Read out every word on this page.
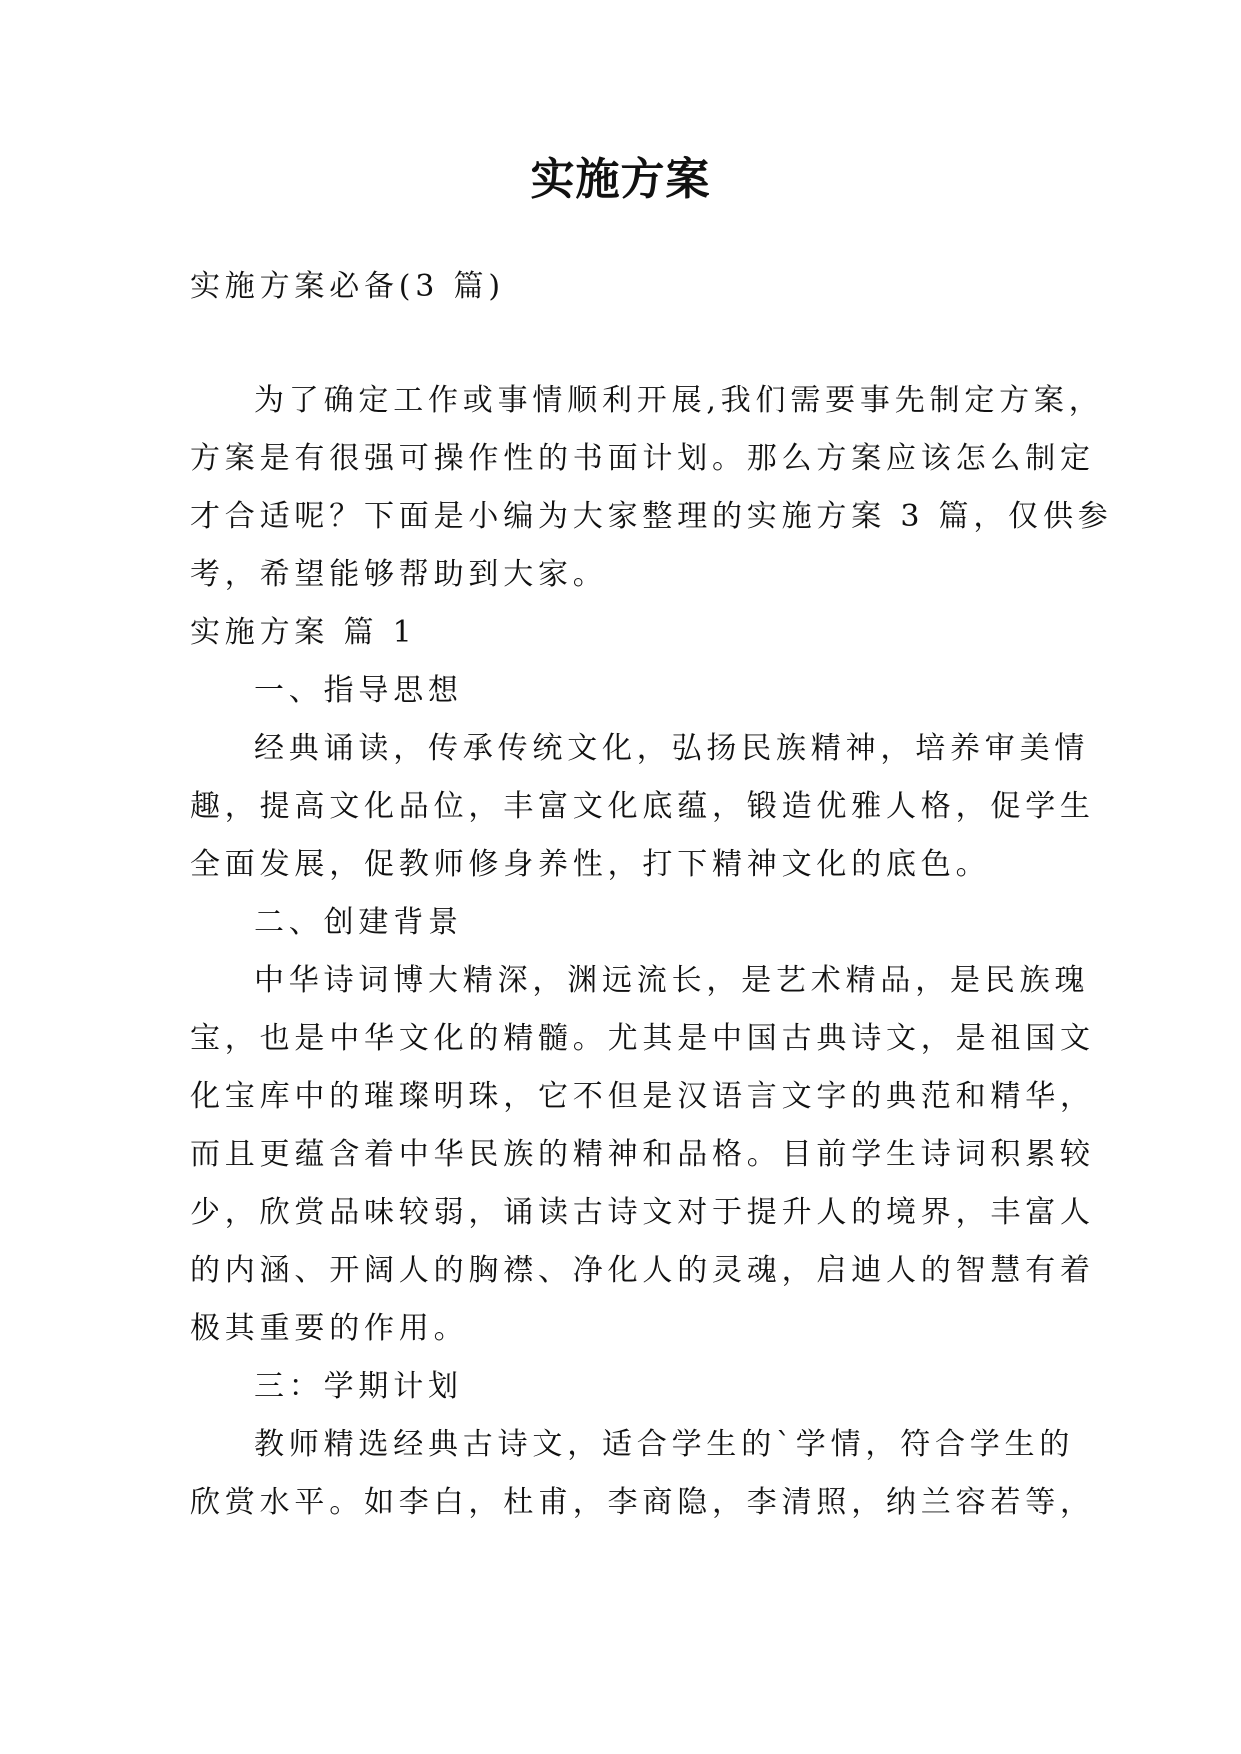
实施方案

实施方案必备(3 篇)

为了确定工作或事情顺利开展,我们需要事先制定方案，

方案是有很强可操作性的书面计划。那么方案应该怎么制定

才合适呢？下面是小编为大家整理的实施方案 3 篇，仅供参

考，希望能够帮助到大家。

实施方案 篇 1

一、指导思想

经典诵读，传承传统文化，弘扬民族精神，培养审美情

趣，提高文化品位，丰富文化底蕴，锻造优雅人格，促学生

全面发展，促教师修身养性，打下精神文化的底色。

二、创建背景

中华诗词博大精深，渊远流长，是艺术精品，是民族瑰

宝，也是中华文化的精髓。尤其是中国古典诗文，是祖国文

化宝库中的璀璨明珠，它不但是汉语言文字的典范和精华，

而且更蕴含着中华民族的精神和品格。目前学生诗词积累较

少，欣赏品味较弱，诵读古诗文对于提升人的境界，丰富人

的内涵、开阔人的胸襟、净化人的灵魂，启迪人的智慧有着

极其重要的作用。

三：学期计划

教师精选经典古诗文，适合学生的`学情，符合学生的

欣赏水平。如李白，杜甫，李商隐，李清照，纳兰容若等，
